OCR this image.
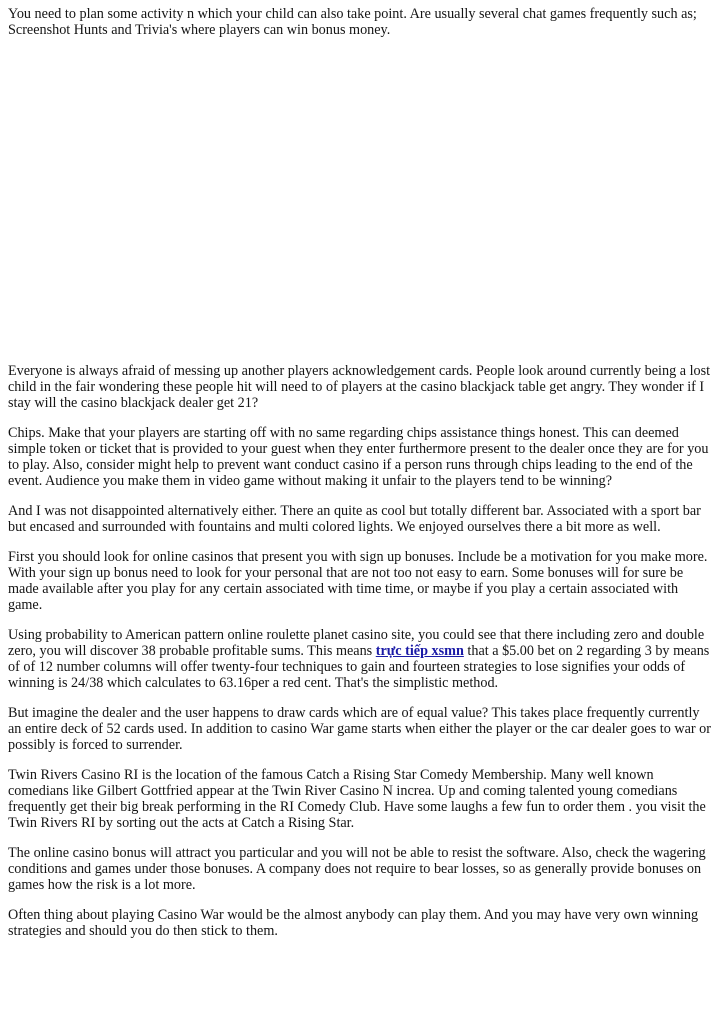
You need to plan some activity n which your child can also take point. Are usually several chat games frequently such as; Screenshot Hunts and Trivia's where players can win bonus money.

Everyone is always afraid of messing up another players acknowledgement cards. People look around currently being a lost child in the fair wondering these people hit will need to of players at the casino blackjack table get angry. They wonder if I stay will the casino blackjack dealer get 21?

Chips. Make that your players are starting off with no same regarding chips assistance things honest. This can deemed simple token or ticket that is provided to your guest when they enter furthermore present to the dealer once they are for you to play. Also, consider might help to prevent want conduct casino if a person runs through chips leading to the end of the event. Audience you make them in video game without making it unfair to the players tend to be winning?

And I was not disappointed alternatively either. There an quite as cool but totally different bar. Associated with a sport bar but encased and surrounded with fountains and multi colored lights. We enjoyed ourselves there a bit more as well.

First you should look for online casinos that present you with sign up bonuses. Include be a motivation for you make more. With your sign up bonus need to look for your personal that are not too not easy to earn. Some bonuses will for sure be made available after you play for any certain associated with time time, or maybe if you play a certain associated with game.

Using probability to American pattern online roulette planet casino site, you could see that there including zero and double zero, you will discover 38 probable profitable sums. This means trực tiếp xsmn that a $5.00 bet on 2 regarding 3 by means of of 12 number columns will offer twenty-four techniques to gain and fourteen strategies to lose signifies your odds of winning is 24/38 which calculates to 63.16per a red cent. That's the simplistic method.

But imagine the dealer and the user happens to draw cards which are of equal value? This takes place frequently currently an entire deck of 52 cards used. In addition to casino War game starts when either the player or the car dealer goes to war or possibly is forced to surrender.

Twin Rivers Casino RI is the location of the famous Catch a Rising Star Comedy Membership. Many well known comedians like Gilbert Gottfried appear at the Twin River Casino N increa. Up and coming talented young comedians frequently get their big break performing in the RI Comedy Club. Have some laughs a few fun to order them . you visit the Twin Rivers RI by sorting out the acts at Catch a Rising Star.

The online casino bonus will attract you particular and you will not be able to resist the software. Also, check the wagering conditions and games under those bonuses. A company does not require to bear losses, so as generally provide bonuses on games how the risk is a lot more.

Often thing about playing Casino War would be the almost anybody can play them. And you may have very own winning strategies and should you do then stick to them.
